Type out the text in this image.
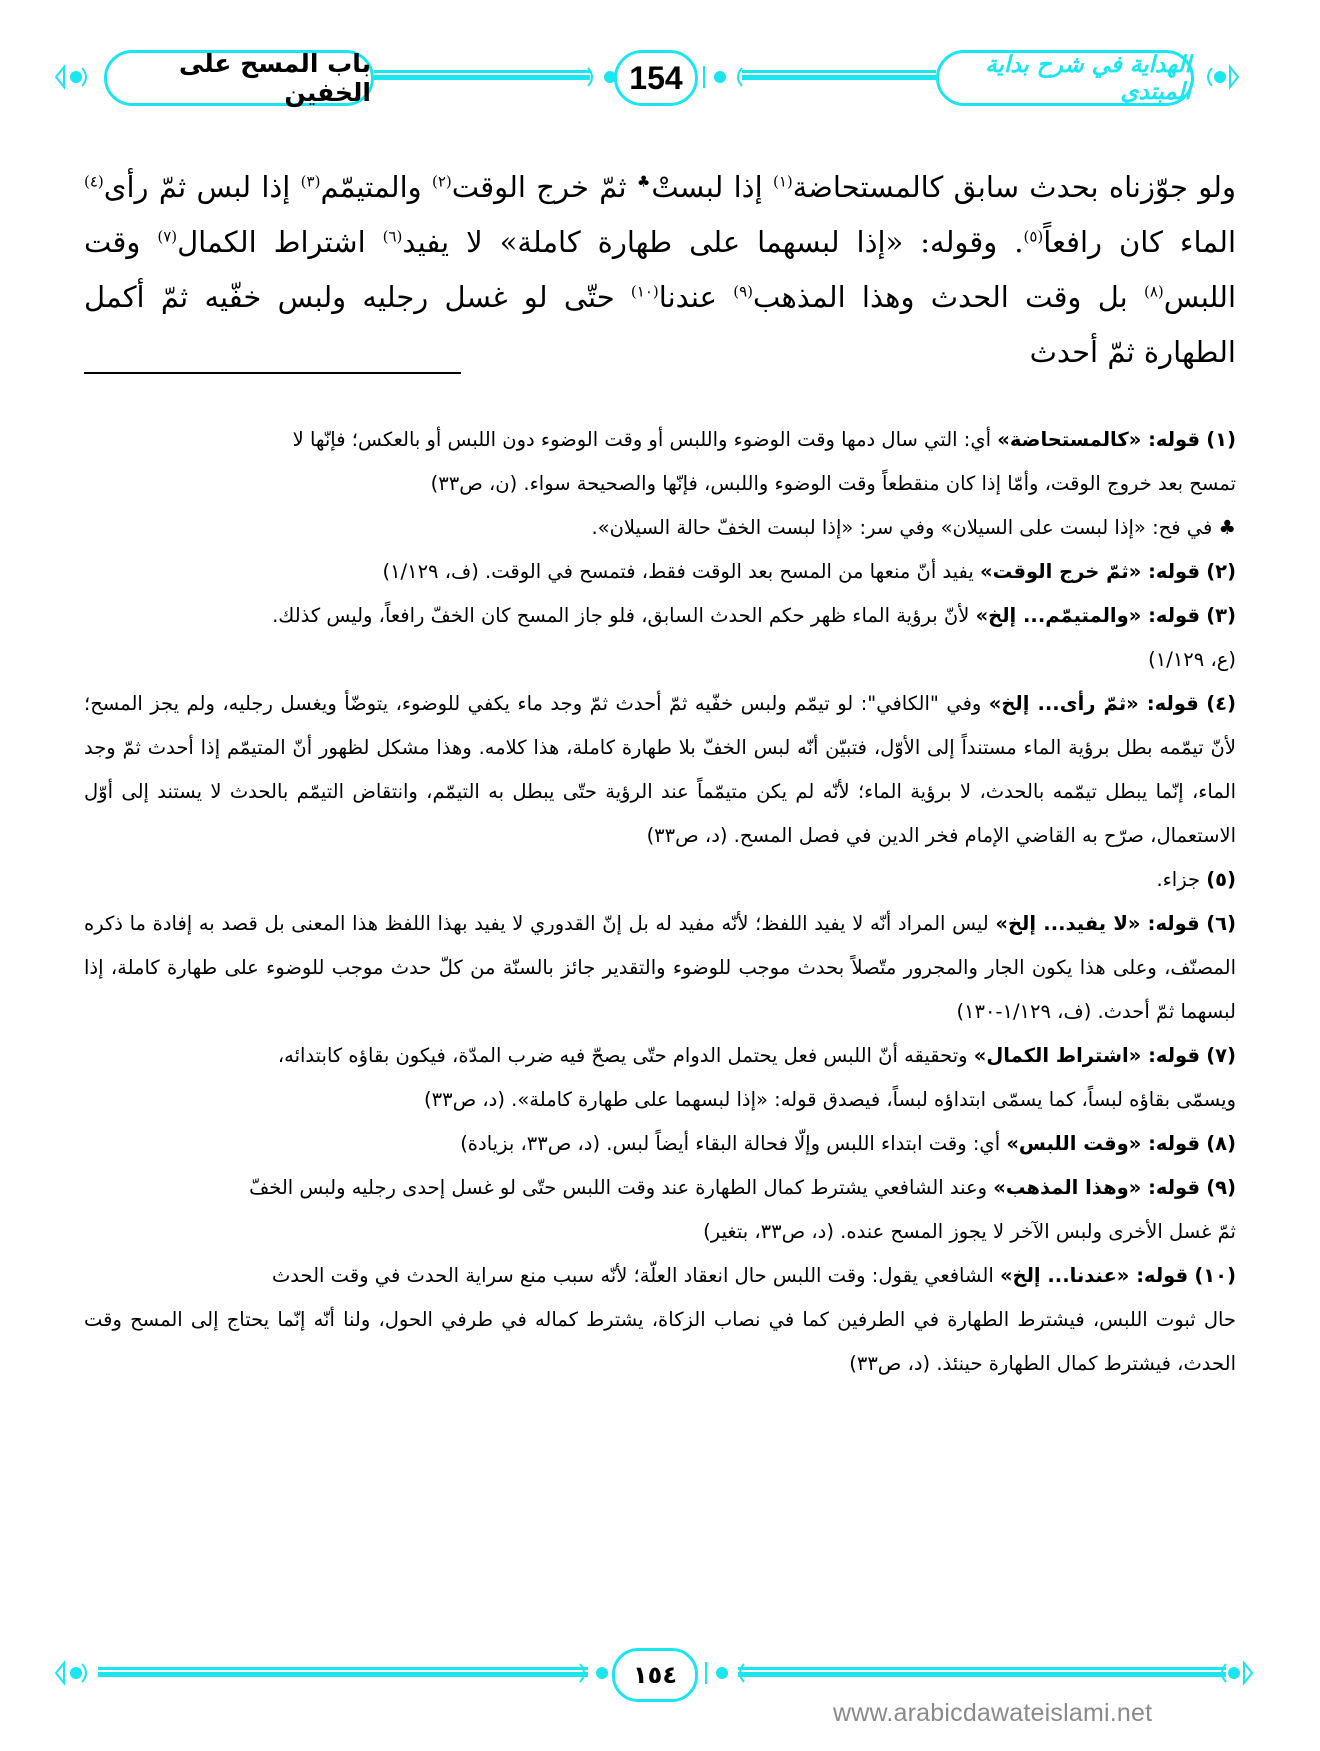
باب المسح على الخفين	154	الهداية في شرح بداية المبتدي
ولو جوّزناه بحدث سابق كالمستحاضة$^{(١)}$ إذا لبستْ♣ ثمّ خرج الوقت$^{(٢)}$ والمتيمّم$^{(٣)}$ إذا لبس ثمّ رأى$^{(٤)}$ الماء كان رافعاً$^{(٥)}$. وقوله: «إذا لبسهما على طهارة كاملة» لا يفيد$^{(٦)}$ اشتراط الكمال$^{(٧)}$ وقت اللبس$^{(٨)}$ بل وقت الحدث وهذا المذهب$^{(٩)}$ عندنا$^{(١٠)}$ حتّى لو غسل رجليه ولبس خفّيه ثمّ أكمل الطهارة ثمّ أحدث

(١) قوله: «كالمستحاضة» أي: التي سال دمها وقت الوضوء واللبس أو وقت الوضوء دون اللبس أو بالعكس؛ فإنّها لا

تمسح بعد خروج الوقت، وأمّا إذا كان منقطعاً وقت الوضوء واللبس، فإنّها والصحيحة سواء. (ن، ص٣٣)

♣ في فح: «إذا لبست على السيلان» وفي سر: «إذا لبست الخفّ حالة السيلان».

(٢) قوله: «ثمّ خرج الوقت» يفيد أنّ منعها من المسح بعد الوقت فقط، فتمسح في الوقت. (ف، ١/١٢٩)

(٣) قوله: «والمتيمّم... إلخ» لأنّ برؤية الماء ظهر حكم الحدث السابق، فلو جاز المسح كان الخفّ رافعاً، وليس كذلك.

(ع، ١/١٢٩)

(٤) قوله: «ثمّ رأى... إلخ» وفي "الكافي": لو تيمّم ولبس خفّيه ثمّ أحدث ثمّ وجد ماء يكفي للوضوء، يتوضّأ ويغسل رجليه، ولم يجز المسح؛ لأنّ تيمّمه بطل برؤية الماء مستنداً إلى الأوّل، فتبيّن أنّه لبس الخفّ بلا طهارة كاملة، هذا كلامه. وهذا مشكل لظهور أنّ المتيمّم إذا أحدث ثمّ وجد الماء، إنّما يبطل تيمّمه بالحدث، لا برؤية الماء؛ لأنّه لم يكن متيمّماً عند الرؤية حتّى يبطل به التيمّم، وانتقاض التيمّم بالحدث لا يستند إلى أوّل الاستعمال، صرّح به القاضي الإمام فخر الدين في فصل المسح. (د، ص٣٣)

(٥) جزاء.

(٦) قوله: «لا يفيد... إلخ» ليس المراد أنّه لا يفيد اللفظ؛ لأنّه مفيد له بل إنّ القدوري لا يفيد بهذا اللفظ هذا المعنى بل قصد به إفادة ما ذكره المصنّف، وعلى هذا يكون الجار والمجرور متّصلاً بحدث موجب للوضوء والتقدير جائز بالسنّة من كلّ حدث موجب للوضوء على طهارة كاملة، إذا لبسهما ثمّ أحدث. (ف، ١/١٢٩-١٣٠)

(٧) قوله: «اشتراط الكمال» وتحقيقه أنّ اللبس فعل يحتمل الدوام حتّى يصحّ فيه ضرب المدّة، فيكون بقاؤه كابتدائه،

ويسمّى بقاؤه لبساً، كما يسمّى ابتداؤه لبساً، فيصدق قوله: «إذا لبسهما على طهارة كاملة». (د، ص٣٣)

(٨) قوله: «وقت اللبس» أي: وقت ابتداء اللبس وإلّا فحالة البقاء أيضاً لبس. (د، ص٣٣، بزيادة)

(٩) قوله: «وهذا المذهب» وعند الشافعي يشترط كمال الطهارة عند وقت اللبس حتّى لو غسل إحدى رجليه ولبس الخفّ

ثمّ غسل الأخرى ولبس الآخر لا يجوز المسح عنده. (د، ص٣٣، بتغير)

(١٠) قوله: «عندنا... إلخ» الشافعي يقول: وقت اللبس حال انعقاد العلّة؛ لأنّه سبب منع سراية الحدث في وقت الحدث

حال ثبوت اللبس، فيشترط الطهارة في الطرفين كما في نصاب الزكاة، يشترط كماله في طرفي الحول، ولنا أنّه إنّما يحتاج إلى المسح وقت الحدث، فيشترط كمال الطهارة حينئذ. (د، ص٣٣)

١٥٤
www.arabicdawateislami.net
